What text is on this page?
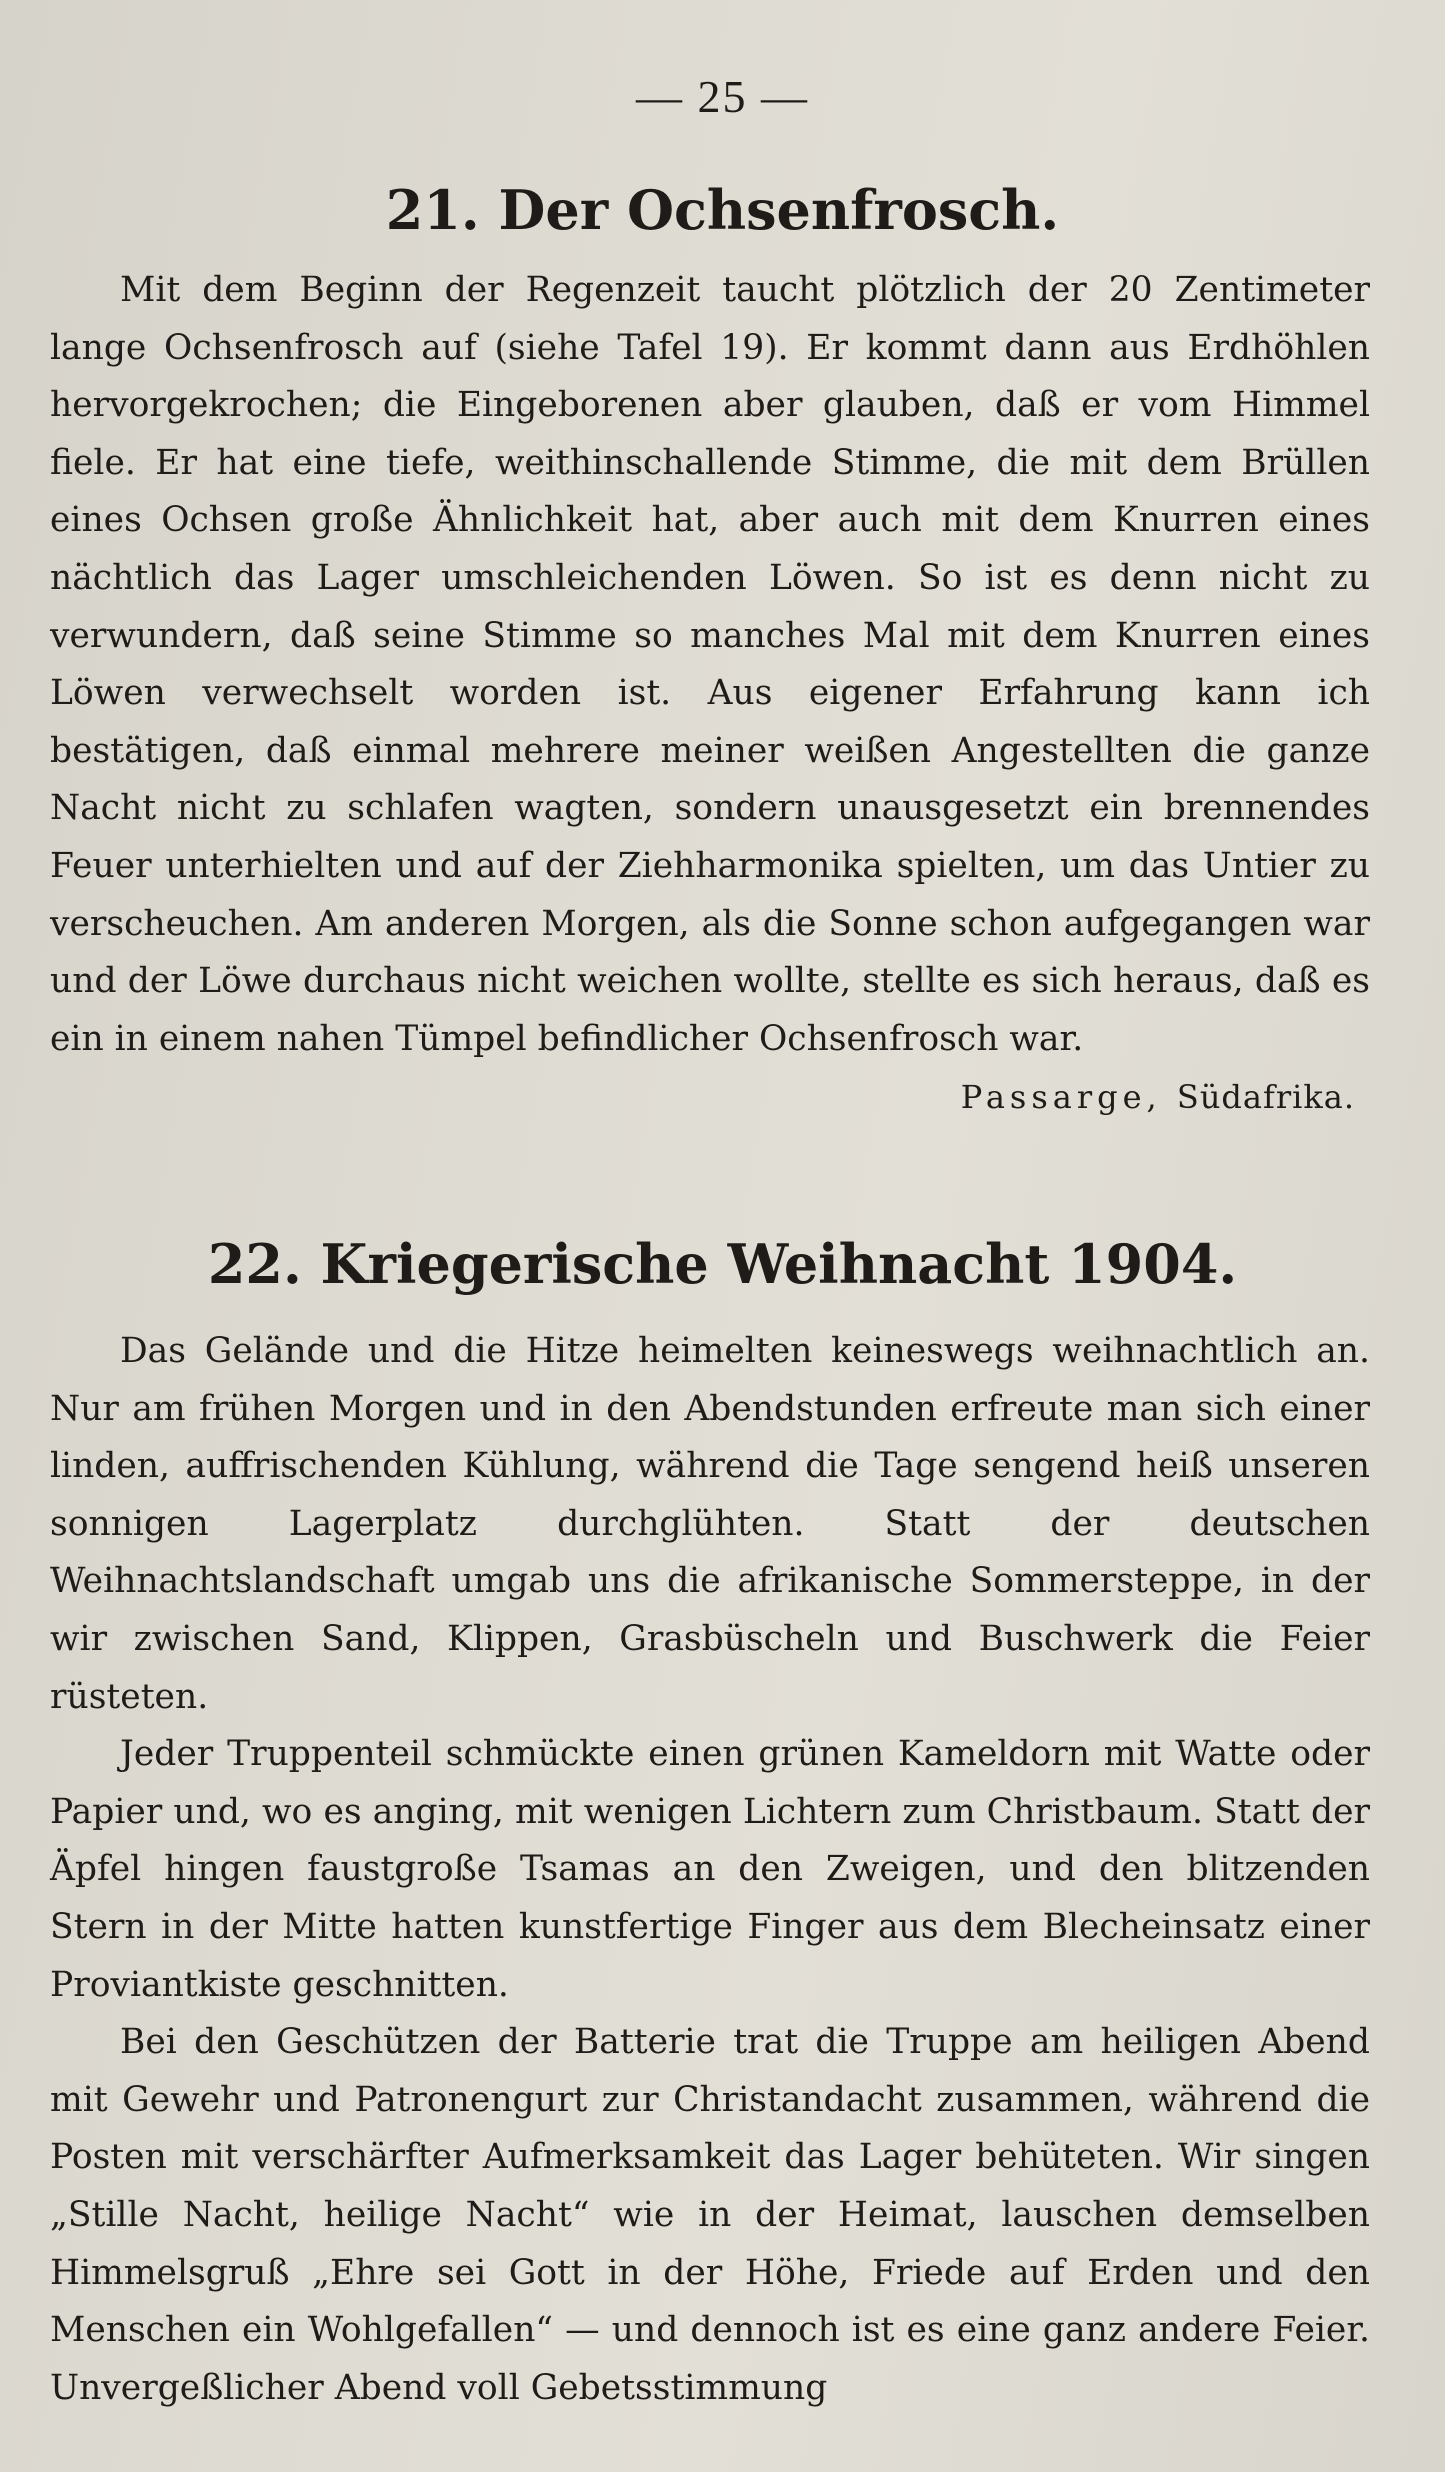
— 25 —
21. Der Ochsenfrosch.

Mit dem Beginn der Regenzeit taucht plötzlich der 20 Zentimeter lange Ochsenfrosch auf (siehe Tafel 19). Er kommt dann aus Erdhöhlen hervorgekrochen; die Eingeborenen aber glauben, daß er vom Himmel fiele. Er hat eine tiefe, weithinschallende Stimme, die mit dem Brüllen eines Ochsen große Ähnlichkeit hat, aber auch mit dem Knurren eines nächtlich das Lager umschleichenden Löwen. So ist es denn nicht zu verwundern, daß seine Stimme so manches Mal mit dem Knurren eines Löwen verwechselt worden ist. Aus eigener Erfahrung kann ich bestätigen, daß einmal mehrere meiner weißen Angestellten die ganze Nacht nicht zu schlafen wagten, sondern unausgesetzt ein brennendes Feuer unterhielten und auf der Ziehharmonika spielten, um das Untier zu verscheuchen. Am anderen Morgen, als die Sonne schon aufgegangen war und der Löwe durchaus nicht weichen wollte, stellte es sich heraus, daß es ein in einem nahen Tümpel befindlicher Ochsenfrosch war.

Passarge, Südafrika.
22. Kriegerische Weihnacht 1904.

Das Gelände und die Hitze heimelten keineswegs weihnachtlich an. Nur am frühen Morgen und in den Abendstunden erfreute man sich einer linden, auffrischenden Kühlung, während die Tage sengend heiß unseren sonnigen Lagerplatz durchglühten. Statt der deutschen Weihnachtslandschaft umgab uns die afrikanische Sommersteppe, in der wir zwischen Sand, Klippen, Grasbüscheln und Buschwerk die Feier rüsteten.

Jeder Truppenteil schmückte einen grünen Kameldorn mit Watte oder Papier und, wo es anging, mit wenigen Lichtern zum Christbaum. Statt der Äpfel hingen faustgroße Tsamas an den Zweigen, und den blitzenden Stern in der Mitte hatten kunstfertige Finger aus dem Blecheinsatz einer Proviantkiste geschnitten.

Bei den Geschützen der Batterie trat die Truppe am heiligen Abend mit Gewehr und Patronengurt zur Christandacht zusammen, während die Posten mit verschärfter Aufmerksamkeit das Lager behüteten. Wir singen „Stille Nacht, heilige Nacht“ wie in der Heimat, lauschen demselben Himmelsgruß „Ehre sei Gott in der Höhe, Friede auf Erden und den Menschen ein Wohlgefallen“ — und dennoch ist es eine ganz andere Feier. Unvergeßlicher Abend voll Gebetsstimmung
